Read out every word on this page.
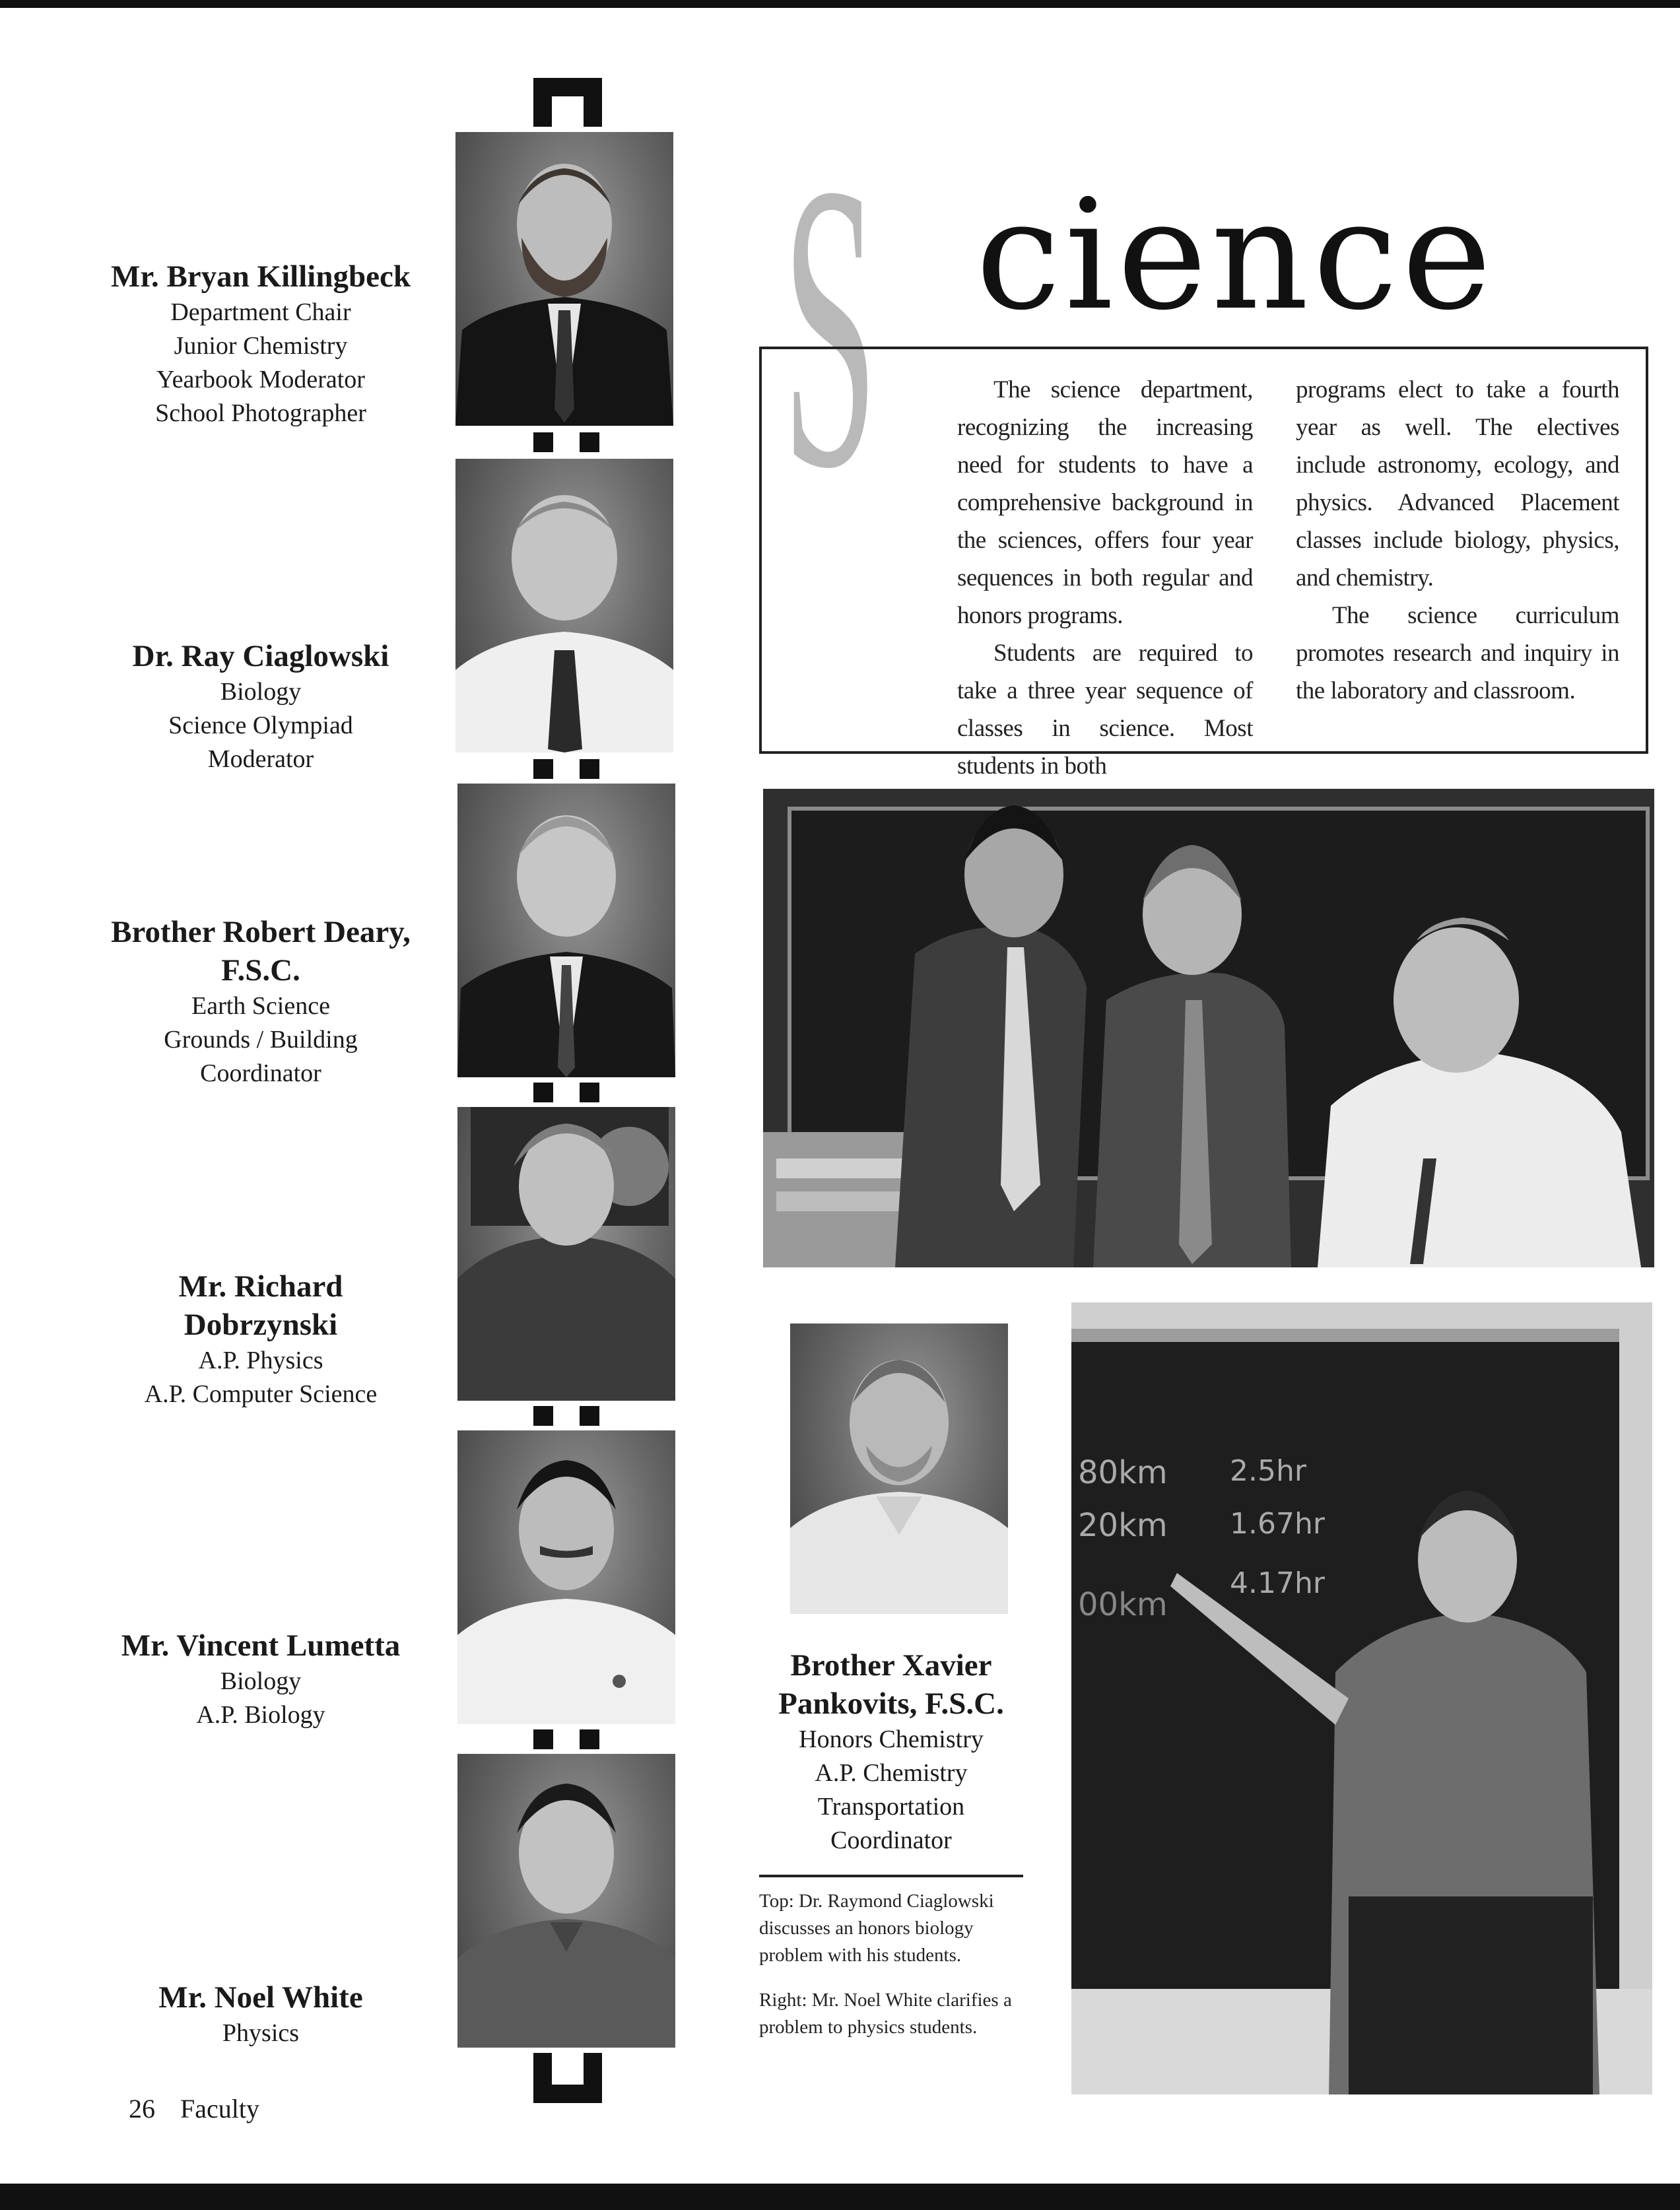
Mr. Bryan Killingbeck
Department Chair
Junior Chemistry
Yearbook Moderator
School Photographer
Dr. Ray Ciaglowski
Biology
Science Olympiad
Moderator
Brother Robert Deary,
F.S.C.
Earth Science
Grounds / Building
Coordinator
Mr. Richard
Dobrzynski
A.P. Physics
A.P. Computer Science
Mr. Vincent Lumetta
Biology
A.P. Biology
Mr. Noel White
Physics
Brother Xavier
Pankovits, F.S.C.
Honors Chemistry
A.P. Chemistry
Transportation
Coordinator
S cience

The science department, recognizing the increasing need for students to have a comprehensive background in the sciences, offers four year sequences in both regular and honors programs.

Students are required to take a three year sequence of classes in science. Most students in both

programs elect to take a fourth year as well. The electives include astronomy, ecology, and physics. Advanced Placement classes include biology, physics, and chemistry.

The science curriculum promotes research and inquiry in the laboratory and classroom.

80km
20km
00km
2.5hr
1.67hr
4.17hr

Top: Dr. Raymond Ciaglowski discusses an honors biology problem with his students.

Right: Mr. Noel White clarifies a problem to physics students.

26 Faculty
